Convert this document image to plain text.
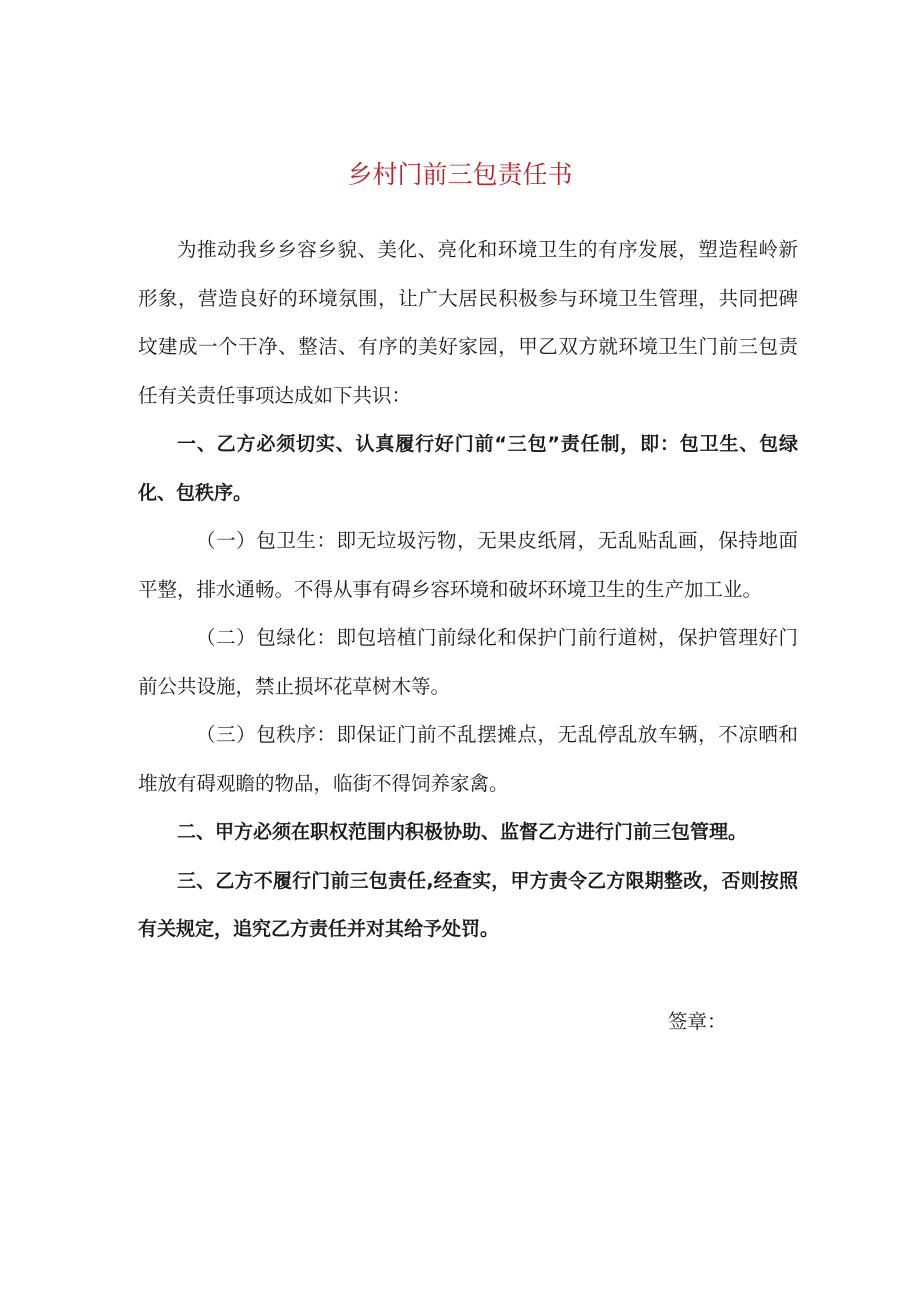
乡村门前三包责任书

为推动我乡乡容乡貌、美化、亮化和环境卫生的有序发展，塑造程岭新形象，营造良好的环境氛围，让广大居民积极参与环境卫生管理，共同把碑坟建成一个干净、整洁、有序的美好家园，甲乙双方就环境卫生门前三包责任有关责任事项达成如下共识：

一、乙方必须切实、认真履行好门前“三包”责任制，即：包卫生、包绿化、包秩序。

（一）包卫生：即无垃圾污物，无果皮纸屑，无乱贴乱画，保持地面平整，排水通畅。不得从事有碍乡容环境和破坏环境卫生的生产加工业。

（二）包绿化：即包培植门前绿化和保护门前行道树，保护管理好门前公共设施，禁止损坏花草树木等。

（三）包秩序：即保证门前不乱摆摊点，无乱停乱放车辆，不凉晒和堆放有碍观瞻的物品，临街不得饲养家禽。

二、甲方必须在职权范围内积极协助、监督乙方进行门前三包管理。

三、乙方不履行门前三包责任,经查实，甲方责令乙方限期整改，否则按照有关规定，追究乙方责任并对其给予处罚。

签章：
